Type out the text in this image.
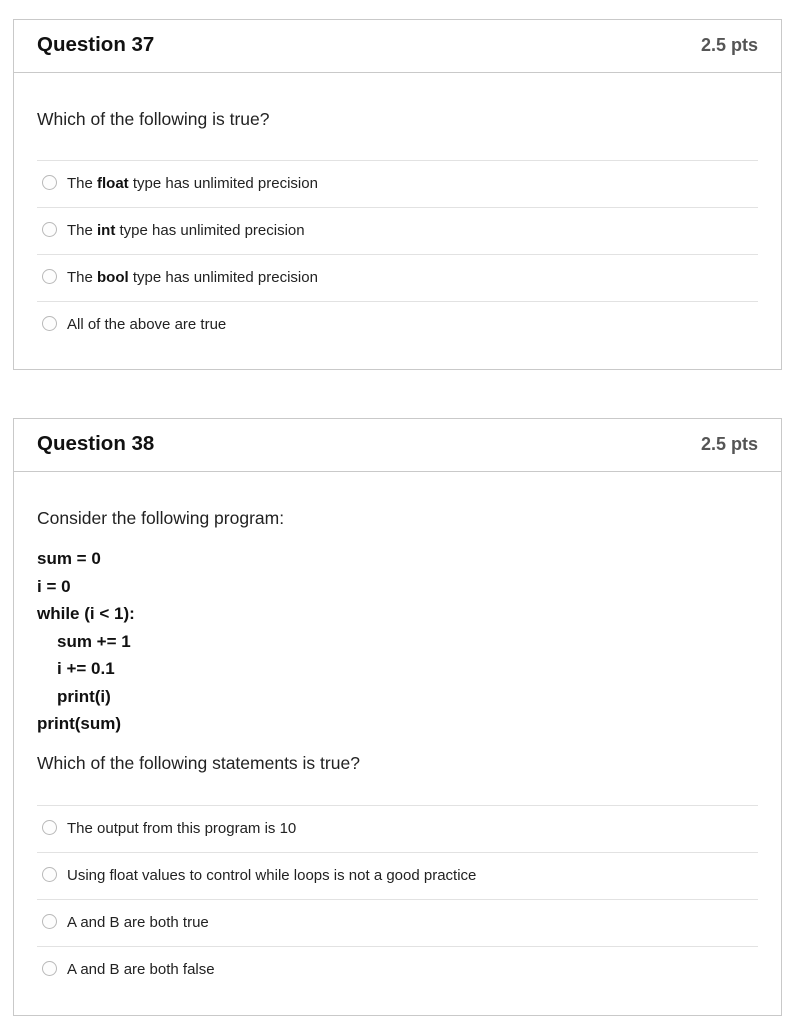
Question 37	2.5 pts
Which of the following is true?
The float type has unlimited precision
The int type has unlimited precision
The bool type has unlimited precision
All of the above are true
Question 38	2.5 pts
Consider the following program:
sum = 0
i = 0
while (i < 1):
sum += 1
i += 0.1
print(i)
print(sum)
Which of the following statements is true?
The output from this program is 10
Using float values to control while loops is not a good practice
A and B are both true
A and B are both false
